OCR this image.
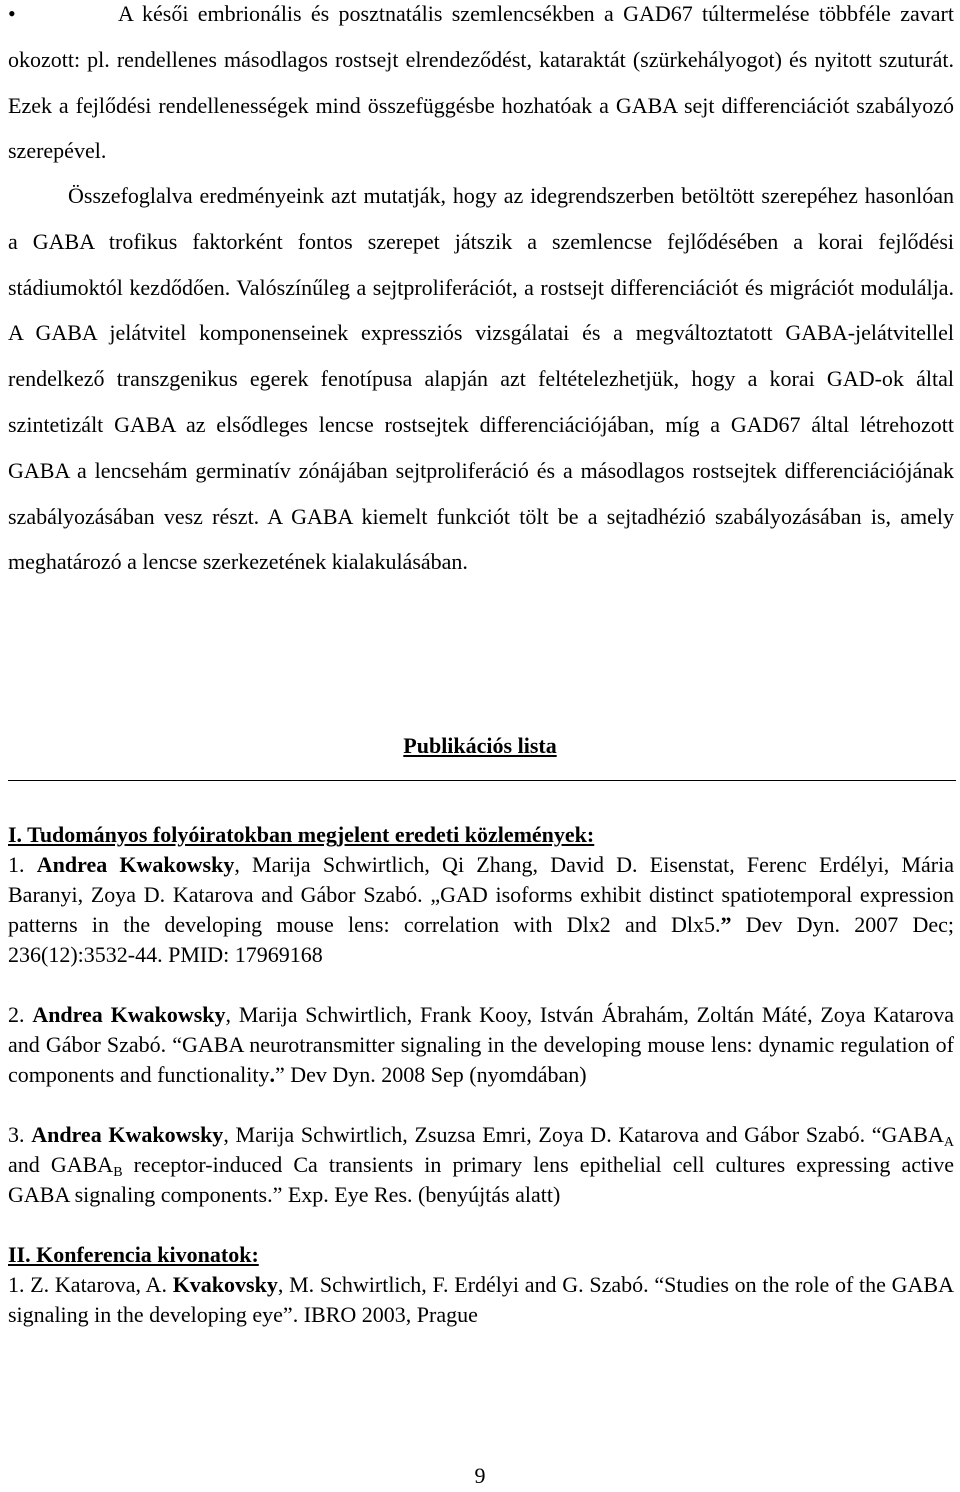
•	A késői embrionális és posztnatális szemlencsékben a GAD67 túltermelése többféle zavart okozott: pl. rendellenes másodlagos rostsejt elrendeződést, kataraktát (szürkehályogot) és nyitott szuturát. Ezek a fejlődési rendellenességek mind összefüggésbe hozhatóak a GABA sejt differenciációt szabályozó szerepével.

Összefoglalva eredményeink azt mutatják, hogy az idegrendszerben betöltött szerepéhez hasonlóan a GABA trofikus faktorként fontos szerepet játszik a szemlencse fejlődésében a korai fejlődési stádiumoktól kezdődően. Valószínűleg a sejtproliferációt, a rostsejt differenciációt és migrációt modulálja. A GABA jelátvitel komponenseinek expressziós vizsgálatai és a megváltoztatott GABA-jelátvitellel rendelkező transzgenikus egerek fenotípusa alapján azt feltételezhetjük, hogy a korai GAD-ok által szintetizált GABA az elsődleges lencse rostsejtek differenciációjában, míg a GAD67 által létrehozott GABA a lencsehám germinatív zónájában sejtproliferáció és a másodlagos rostsejtek differenciációjának szabályozásában vesz részt. A GABA kiemelt funkciót tölt be a sejtadhézió szabályozásában is, amely meghatározó a lencse szerkezetének kialakulásában.

Publikációs lista

I. Tudományos folyóiratokban megjelent eredeti közlemények:

1. Andrea Kwakowsky, Marija Schwirtlich, Qi Zhang, David D. Eisenstat, Ferenc Erdélyi, Mária Baranyi, Zoya D. Katarova and Gábor Szabó. „GAD isoforms exhibit distinct spatiotemporal expression patterns in the developing mouse lens: correlation with Dlx2 and Dlx5.” Dev Dyn. 2007 Dec; 236(12):3532-44. PMID: 17969168

2. Andrea Kwakowsky, Marija Schwirtlich, Frank Kooy, István Ábrahám, Zoltán Máté, Zoya Katarova and Gábor Szabó. “GABA neurotransmitter signaling in the developing mouse lens: dynamic regulation of components and functionality.” Dev Dyn. 2008 Sep (nyomdában)

3. Andrea Kwakowsky, Marija Schwirtlich, Zsuzsa Emri, Zoya D. Katarova and Gábor Szabó. “$GABA_A$ and $GABA_B$ receptor-induced Ca transients in primary lens epithelial cell cultures expressing active GABA signaling components.” Exp. Eye Res. (benyújtás alatt)

II. Konferencia kivonatok:

1. Z. Katarova, A. Kvakovsky, M. Schwirtlich, F. Erdélyi and G. Szabó. “Studies on the role of the GABA signaling in the developing eye”. IBRO 2003, Prague

9
